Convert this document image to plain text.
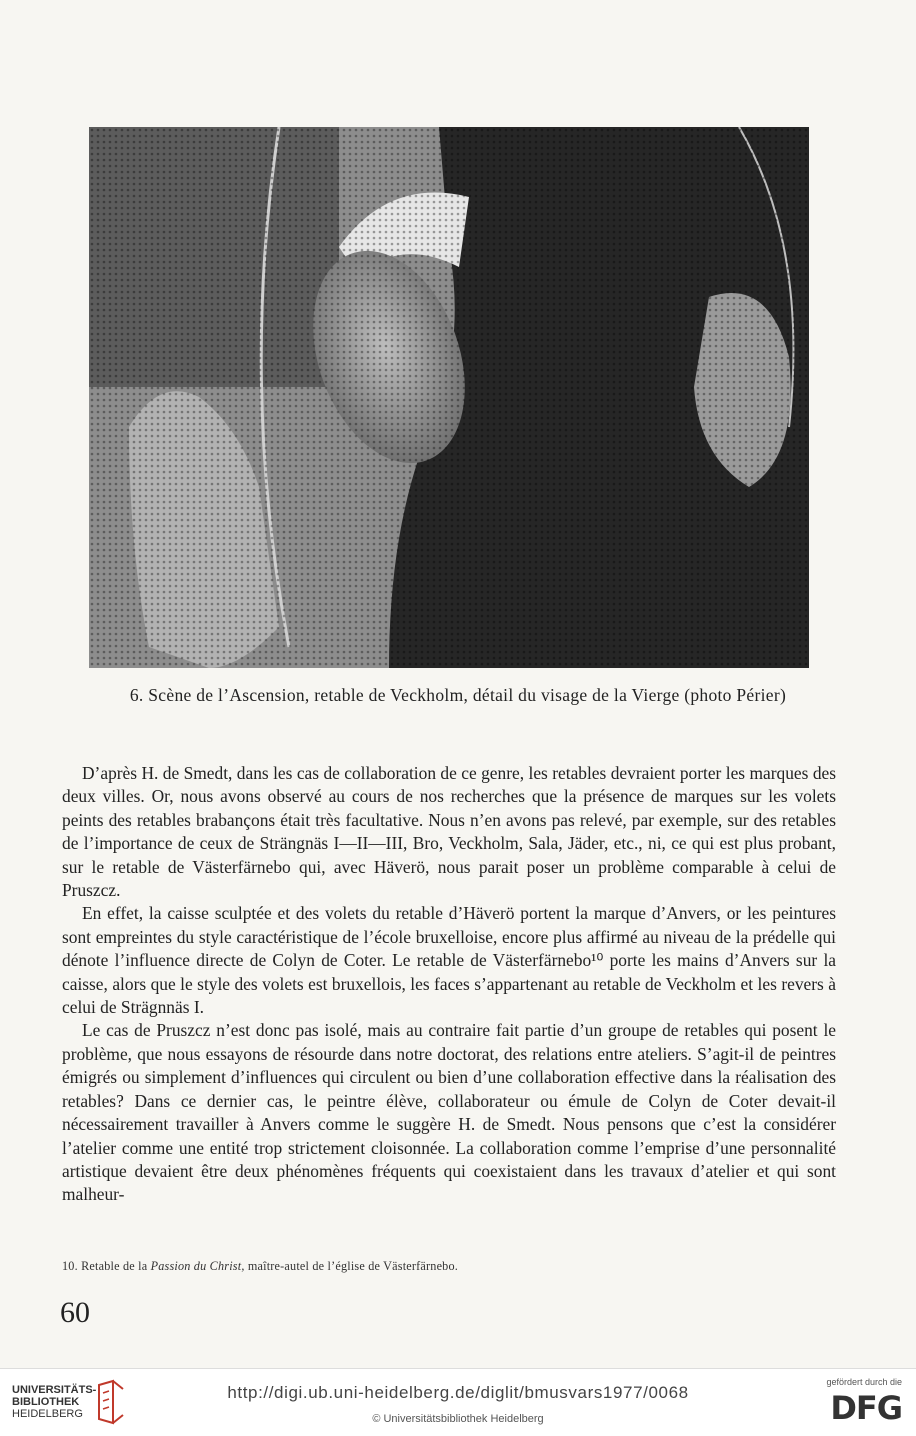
6. Scène de l’Ascension, retable de Veckholm, détail du visage de la Vierge (photo Périer)

D’après H. de Smedt, dans les cas de collaboration de ce genre, les retables devraient porter les marques des deux villes. Or, nous avons observé au cours de nos recherches que la présence de marques sur les volets peints des retables brabançons était très facultative. Nous n’en avons pas relevé, par exemple, sur des retables de l’importance de ceux de Strängnäs I—II—III, Bro, Veckholm, Sala, Jäder, etc., ni, ce qui est plus probant, sur le retable de Västerfärnebo qui, avec Häverö, nous parait poser un problème comparable à celui de Pruszcz.

En effet, la caisse sculptée et des volets du retable d’Häverö portent la marque d’Anvers, or les peintures sont empreintes du style caractéristique de l’école bruxelloise, encore plus affirmé au niveau de la prédelle qui dénote l’influence directe de Colyn de Coter. Le retable de Västerfärnebo¹⁰ porte les mains d’Anvers sur la caisse, alors que le style des volets est bruxellois, les faces s’appartenant au retable de Veckholm et les revers à celui de Strägnnäs I.

Le cas de Pruszcz n’est donc pas isolé, mais au contraire fait partie d’un groupe de retables qui posent le problème, que nous essayons de résourde dans notre doctorat, des relations entre ateliers. S’agit-il de peintres émigrés ou simplement d’influences qui circulent ou bien d’une collaboration effective dans la réalisation des retables? Dans ce dernier cas, le peintre élève, collaborateur ou émule de Colyn de Coter devait-il nécessairement travailler à Anvers comme le suggère H. de Smedt. Nous pensons que c’est la considérer l’atelier comme une entité trop strictement cloisonnée. La collaboration comme l’emprise d’une personnalité artistique devaient être deux phénomènes fréquents qui coexistaient dans les travaux d’atelier et qui sont malheur-

10. Retable de la Passion du Christ, maître-autel de l’église de Västerfärnebo.
60
UNIVERSITÄTS-
BIBLIOTHEK
HEIDELBERG
http://digi.ub.uni-heidelberg.de/diglit/bmusvars1977/0068
© Universitätsbibliothek Heidelberg
gefördert durch die
DFG
